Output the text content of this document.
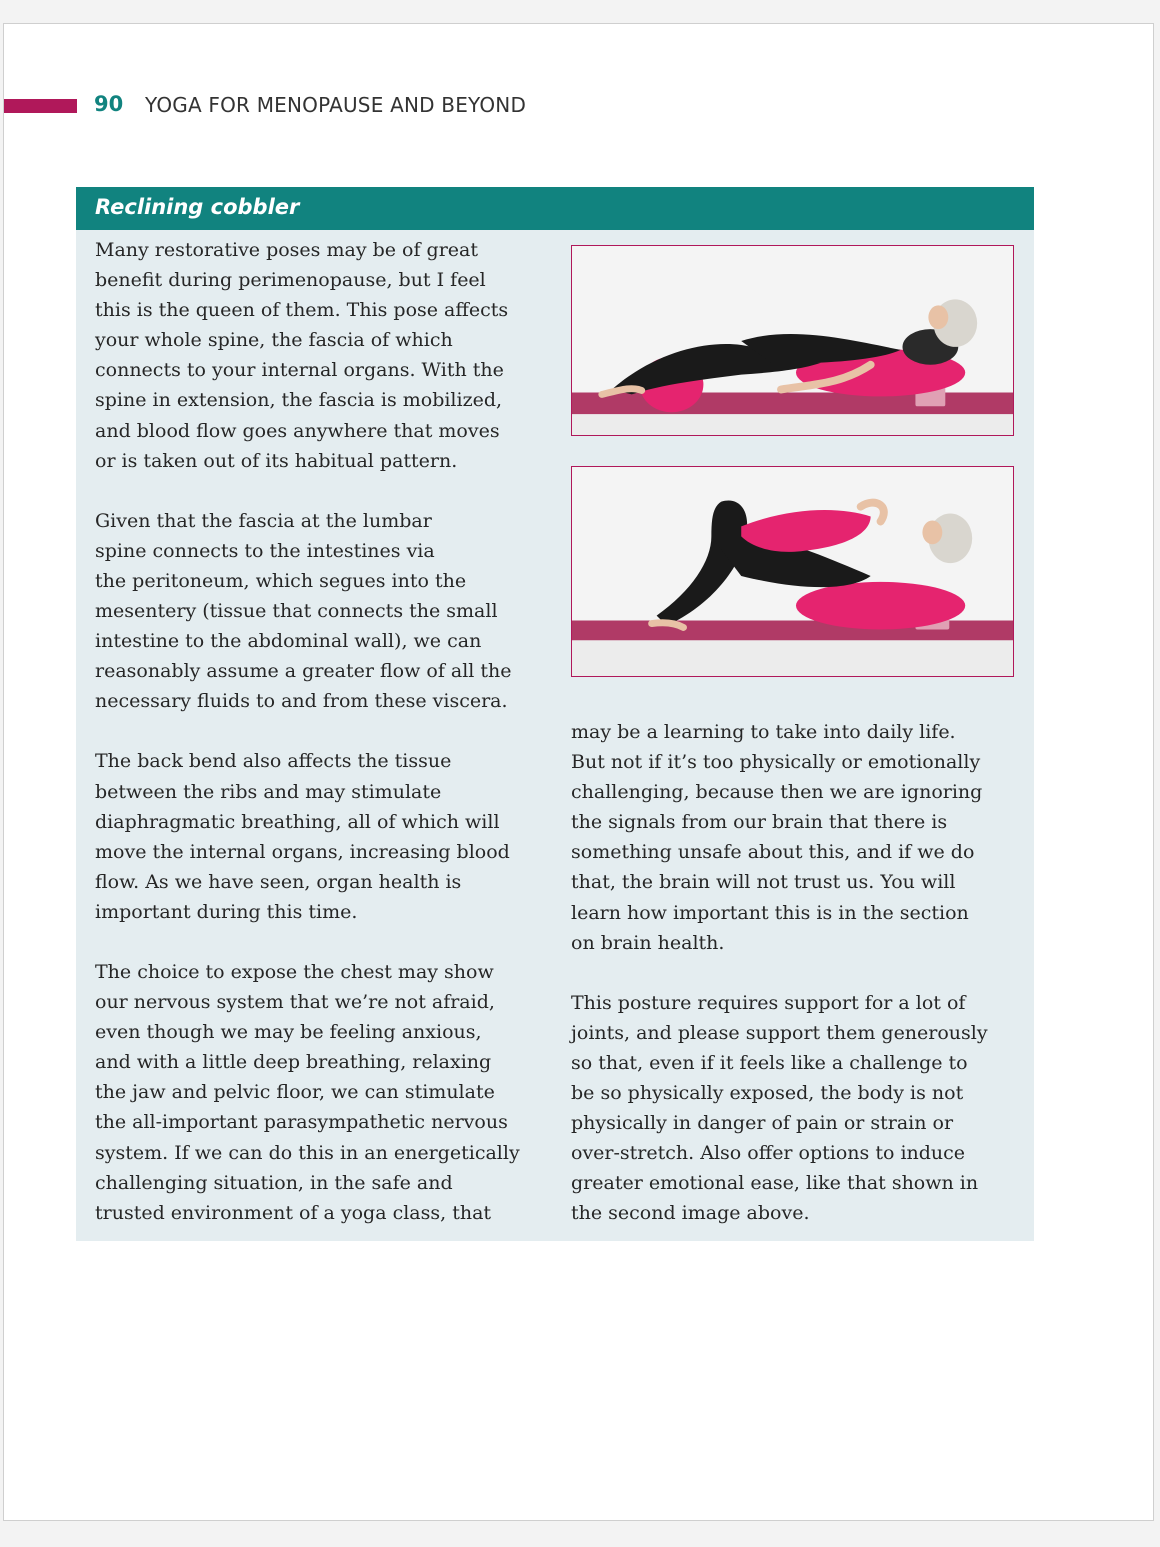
90 YOGA FOR MENOPAUSE AND BEYOND
Reclining cobbler

Many restorative poses may be of great
benefit during perimenopause, but I feel
this is the queen of them. This pose affects
your whole spine, the fascia of which
connects to your internal organs. With the
spine in extension, the fascia is mobilized,
and blood flow goes anywhere that moves
or is taken out of its habitual pattern.

Given that the fascia at the lumbar
spine connects to the intestines via
the peritoneum, which segues into the
mesentery (tissue that connects the small
intestine to the abdominal wall), we can
reasonably assume a greater flow of all the
necessary fluids to and from these viscera.

The back bend also affects the tissue
between the ribs and may stimulate
diaphragmatic breathing, all of which will
move the internal organs, increasing blood
flow. As we have seen, organ health is
important during this time.

The choice to expose the chest may show
our nervous system that we’re not afraid,
even though we may be feeling anxious,
and with a little deep breathing, relaxing
the jaw and pelvic floor, we can stimulate
the all-important parasympathetic nervous
system. If we can do this in an energetically
challenging situation, in the safe and
trusted environment of a yoga class, that

may be a learning to take into daily life.
But not if it’s too physically or emotionally
challenging, because then we are ignoring
the signals from our brain that there is
something unsafe about this, and if we do
that, the brain will not trust us. You will
learn how important this is in the section
on brain health.

This posture requires support for a lot of
joints, and please support them generously
so that, even if it feels like a challenge to
be so physically exposed, the body is not
physically in danger of pain or strain or
over-stretch. Also offer options to induce
greater emotional ease, like that shown in
the second image above.
